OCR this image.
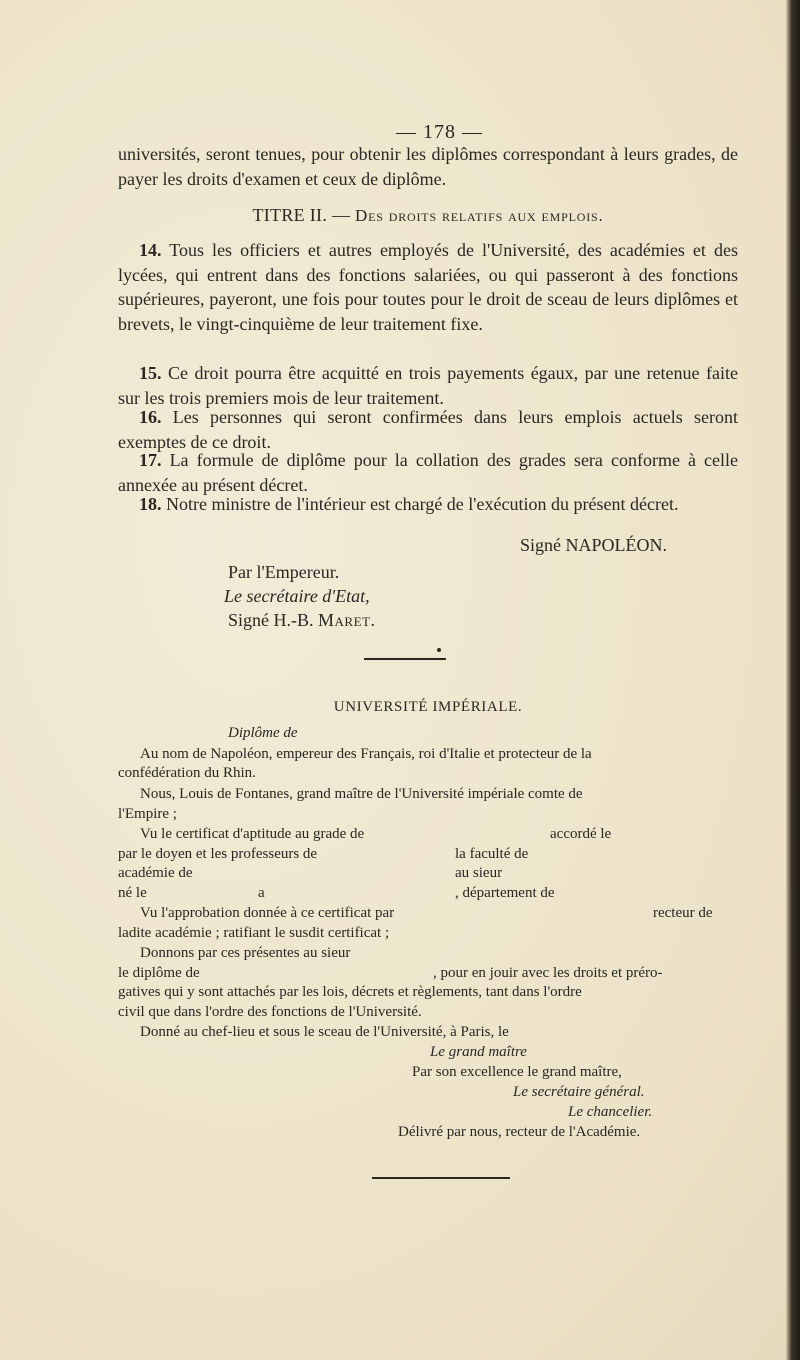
— 178 —

universités, seront tenues, pour obtenir les diplômes correspondant à leurs grades, de payer les droits d'examen et ceux de diplôme.

TITRE II. — Des droits relatifs aux emplois.

14. Tous les officiers et autres employés de l'Université, des académies et des lycées, qui entrent dans des fonctions salariées, ou qui passeront à des fonctions supérieures, payeront, une fois pour toutes pour le droit de sceau de leurs diplômes et brevets, le vingt-cinquième de leur traitement fixe.

15. Ce droit pourra être acquitté en trois payements égaux, par une retenue faite sur les trois premiers mois de leur traitement.

16. Les personnes qui seront confirmées dans leurs emplois actuels seront exemptes de ce droit.

17. La formule de diplôme pour la collation des grades sera conforme à celle annexée au présent décret.

18. Notre ministre de l'intérieur est chargé de l'exécution du présent décret.

Signé NAPOLÉON.
Par l'Empereur.
Le secrétaire d'Etat,
Signé H.-B. Maret.
UNIVERSITÉ IMPÉRIALE.
Diplôme de
Au nom de Napoléon, empereur des Français, roi d'Italie et protecteur de la
confédération du Rhin.
Nous, Louis de Fontanes, grand maître de l'Université impériale comte de
l'Empire ;
Vu le certificat d'aptitude au grade de	accordé le
par le doyen et les professeurs de	la faculté de
académie de	au sieur
né le	a	, département de
Vu l'approbation donnée à ce certificat par	recteur de
ladite académie ; ratifiant le susdit certificat ;
Donnons par ces présentes au sieur
le diplôme de	, pour en jouir avec les droits et préro-
gatives qui y sont attachés par les lois, décrets et règlements, tant dans l'ordre
civil que dans l'ordre des fonctions de l'Université.
Donné au chef-lieu et sous le sceau de l'Université, à Paris, le
Le grand maître
Par son excellence le grand maître,
Le secrétaire général.
Le chancelier.
Délivré par nous, recteur de l'Académie.
